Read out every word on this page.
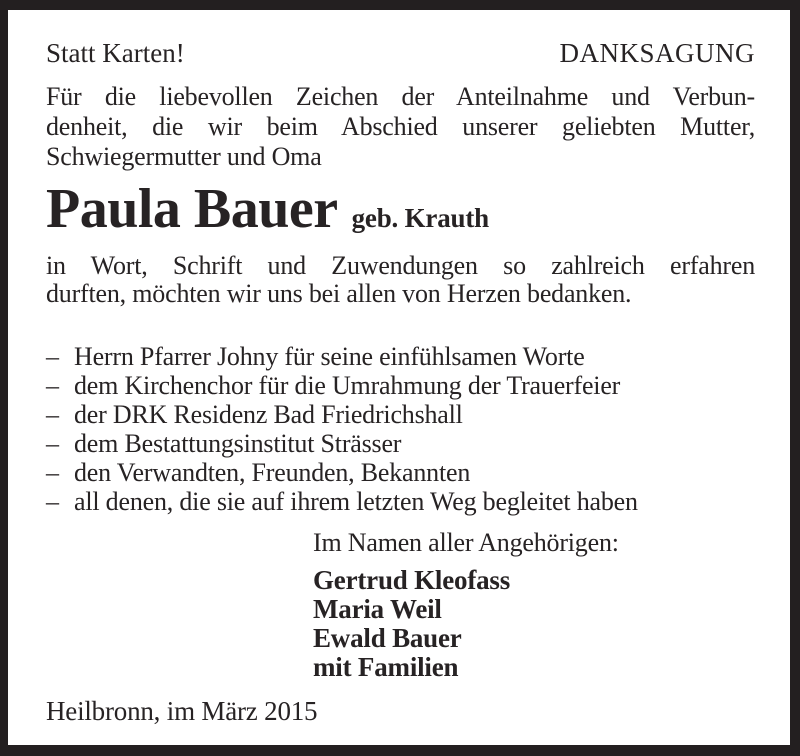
Statt Karten!	DANKSAGUNG
Für die liebevollen Zeichen der Anteilnahme und Verbun-
denheit, die wir beim Abschied unserer geliebten Mutter,
Schwiegermutter und Oma
Paula Bauer geb. Krauth
in Wort, Schrift und Zuwendungen so zahlreich erfahren
durften, möchten wir uns bei allen von Herzen bedanken.
– Herrn Pfarrer Johny für seine einfühlsamen Worte
– dem Kirchenchor für die Umrahmung der Trauerfeier
– der DRK Residenz Bad Friedrichshall
– dem Bestattungsinstitut Strässer
– den Verwandten, Freunden, Bekannten
– all denen, die sie auf ihrem letzten Weg begleitet haben
Im Namen aller Angehörigen:
Gertrud Kleofass
Maria Weil
Ewald Bauer
mit Familien
Heilbronn, im März 2015
